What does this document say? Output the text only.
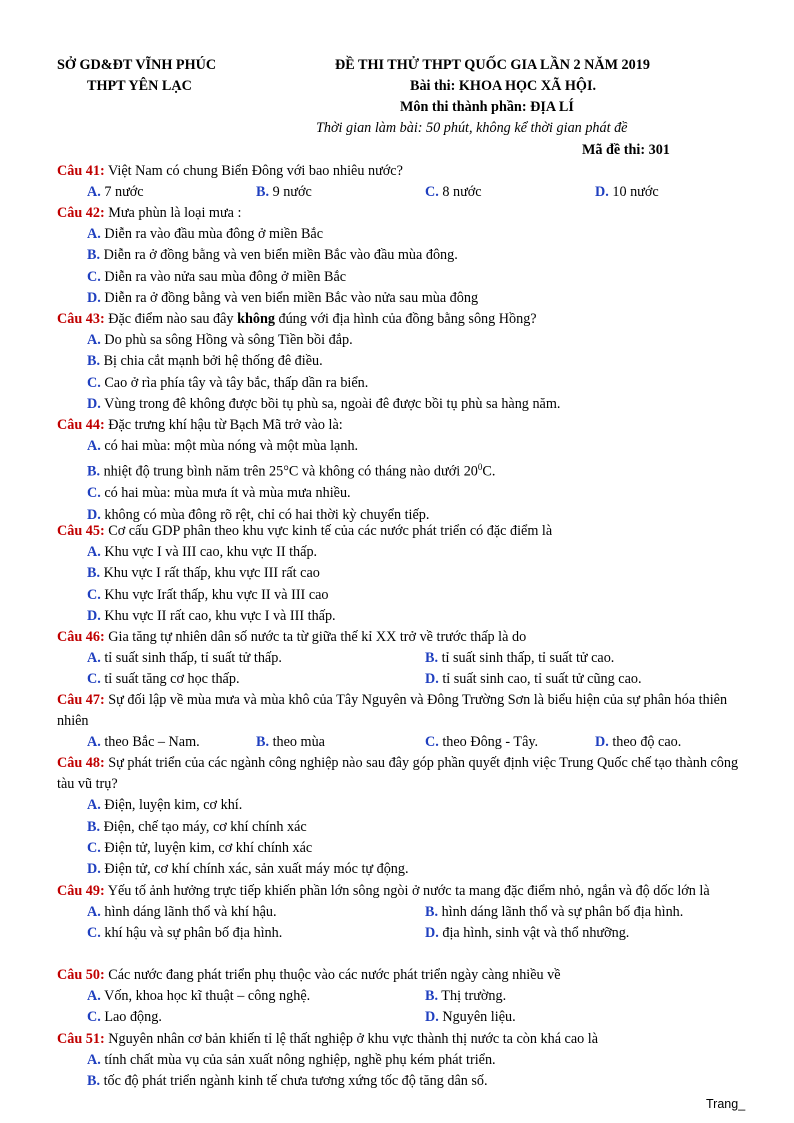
SỞ GD&ĐT VĨNH PHÚC
THPT YÊN LẠC
ĐỀ THI THỬ THPT QUỐC GIA LẦN 2 NĂM 2019
Bài thi: KHOA HỌC XÃ HỘI.
Môn thi thành phần: ĐỊA LÍ
Thời gian làm bài: 50 phút, không kể thời gian phát đề
Mã đề thi: 301
Câu 41: Việt Nam có chung Biển Đông với bao nhiêu nước?
A. 7 nước	B. 9 nước	C. 8 nước	D. 10 nước
Câu 42: Mưa phùn là loại mưa :
A. Diễn ra vào đầu mùa đông ở miền Bắc
B. Diễn ra ở đồng bằng và ven biển miền Bắc vào đầu mùa đông.
C. Diễn ra vào nửa sau mùa đông ở miền Bắc
D. Diễn ra ở đồng bằng và ven biển miền Bắc vào nửa sau mùa đông
Câu 43: Đặc điểm nào sau đây không đúng với địa hình của đồng bằng sông Hồng?
A. Do phù sa sông Hồng và sông Tiền bồi đắp.
B. Bị chia cắt mạnh bởi hệ thống đê điều.
C. Cao ở rìa phía tây và tây bắc, thấp dần ra biển.
D. Vùng trong đê không được bồi tụ phù sa, ngoài đê được bồi tụ phù sa hàng năm.
Câu 44: Đặc trưng khí hậu từ Bạch Mã trở vào là:
A. có hai mùa: một mùa nóng và một mùa lạnh.
B. nhiệt độ trung bình năm trên 25°C và không có tháng nào dưới $20^0C$.
C. có hai mùa: mùa mưa ít và mùa mưa nhiều.
D. không có mùa đông rõ rệt, chỉ có hai thời kỳ chuyển tiếp.
Câu 45: Cơ cấu GDP phân theo khu vực kinh tế của các nước phát triển có đặc điểm là
A. Khu vực I và III cao, khu vực II thấp.
B. Khu vực I rất thấp, khu vực III rất cao
C. Khu vực Irất thấp, khu vực II và III cao
D. Khu vực II rất cao, khu vực I và III thấp.
Câu 46: Gia tăng tự nhiên dân số nước ta từ giữa thế kỉ XX trở về trước thấp là do
A. tỉ suất sinh thấp, tỉ suất tử thấp.	B. tỉ suất sinh thấp, tỉ suất tử cao.
C. tỉ suất tăng cơ học thấp.	D. tỉ suất sinh cao, tỉ suất tử cũng cao.
Câu 47: Sự đối lập về mùa mưa và mùa khô của Tây Nguyên và Đông Trường Sơn là biểu hiện của sự phân hóa thiên nhiên
A. theo Bắc – Nam.	B. theo mùa	C. theo Đông - Tây.	D. theo độ cao.
Câu 48: Sự phát triển của các ngành công nghiệp nào sau đây góp phần quyết định việc Trung Quốc chế tạo thành công tàu vũ trụ?
A. Điện, luyện kim, cơ khí.
B. Điện, chế tạo máy, cơ khí chính xác
C. Điện tử, luyện kim, cơ khí chính xác
D. Điện tử, cơ khí chính xác, sản xuất máy móc tự động.
Câu 49: Yếu tố ảnh hưởng trực tiếp khiến phần lớn sông ngòi ở nước ta mang đặc điểm nhỏ, ngắn và độ dốc lớn là
A. hình dáng lãnh thổ và khí hậu.	B. hình dáng lãnh thổ và sự phân bố địa hình.
C. khí hậu và sự phân bố địa hình.	D. địa hình, sinh vật và thổ nhưỡng.
Câu 50: Các nước đang phát triển phụ thuộc vào các nước phát triển ngày càng nhiều về
A. Vốn, khoa học kĩ thuật – công nghệ.	B. Thị trường.
C. Lao động.	D. Nguyên liệu.
Câu 51: Nguyên nhân cơ bản khiến tỉ lệ thất nghiệp ở khu vực thành thị nước ta còn khá cao là
A. tính chất mùa vụ của sản xuất nông nghiệp, nghề phụ kém phát triển.
B. tốc độ phát triển ngành kinh tế chưa tương xứng tốc độ tăng dân số.
Trang_
